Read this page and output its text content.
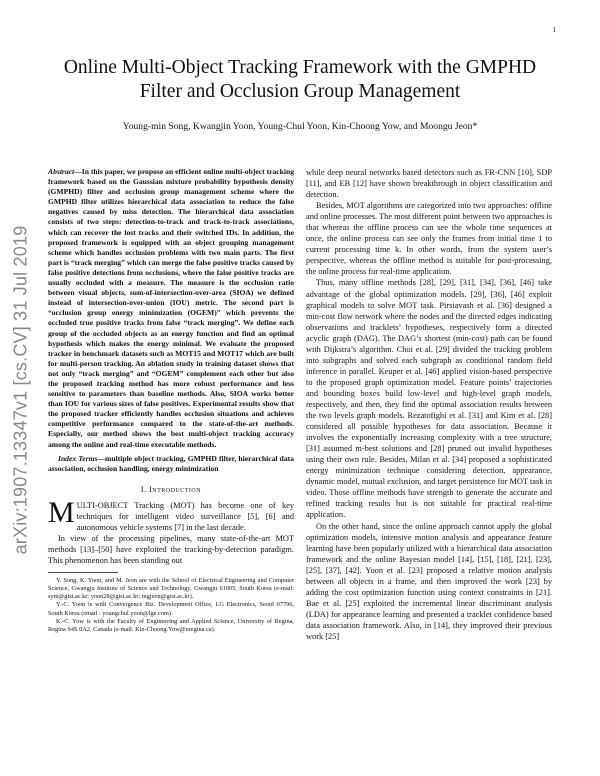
1
arXiv:1907.13347v1 [cs.CV] 31 Jul 2019
Online Multi-Object Tracking Framework with the GMPHD Filter and Occlusion Group Management
Young-min Song, Kwangjin Yoon, Young-Chul Yoon, Kin-Choong Yow, and Moongu Jeon*

Abstract—In this paper, we propose an efficient online multi-object tracking framework based on the Gaussian mixture probability hypothesis density (GMPHD) filter and occlusion group management scheme where the GMPHD filter utilizes hierarchical data association to reduce the false negatives caused by miss detection. The hierarchical data association consists of two steps: detection-to-track and track-to-track associations, which can recover the lost tracks and their switched IDs. In addition, the proposed framework is equipped with an object grouping management scheme which handles occlusion problems with two main parts. The first part is “track merging” which can merge the false positive tracks caused by false positive detections from occlusions, where the false positive tracks are usually occluded with a measure. The measure is the occlusion ratio between visual objects, sum-of-intersection-over-area (SIOA) we defined instead of intersection-over-union (IOU) metric. The second part is “occlusion group energy minimization (OGEM)” which prevents the occluded true positive tracks from false “track merging”. We define each group of the occluded objects as an energy function and find an optimal hypothesis which makes the energy minimal. We evaluate the proposed tracker in benchmark datasets such as MOT15 and MOT17 which are built for multi-person tracking. An ablation study in training dataset shows that not only “track merging” and “OGEM” complement each other but also the proposed tracking method has more robust performance and less sensitive to parameters than baseline methods. Also, SIOA works better than IOU for various sizes of false positives. Experimental results show that the proposed tracker efficiently handles occlusion situations and achieves competitive performance compared to the state-of-the-art methods. Especially, our method shows the best multi-object tracking accuracy among the online and real-time executable methods.

Index Terms—multiple object tracking, GMPHD filter, hierarchical data association, occlusion handling, energy minimization

I. Introduction

MULTI-OBJECT Tracking (MOT) has become one of key techniques for intelligent video surveillance [5], [6] and autonomous vehicle systems [7] in the last decade.

In view of the processing pipelines, many state-of-the-art MOT methods [13]–[50] have exploited the tracking-by-detection paradigm. This phenomenon has been standing out

Y. Song, K. Yoon, and M. Jeon are with the School of Electrical Engineering and Computer Science, Gwangju Institute of Science and Technology, Gwangju 61005, South Korea (e-mail: sym@gist.ac.kr; yoon28@gist.ac.kr; mgjeon@gist.ac.kr).

Y.-C. Yoon is with Convergence Biz. Development Office, LG Electronics, Seoul 07796, South Korea (email : youngchul.yoon@lge.com).

K.-C. Yow is with the Faculty of Engineering and Applied Science, University of Regina, Regina S4S 0A2, Canada (e-mail: Kin-Choong.Yow@uregina.ca).

while deep neural networks based detectors such as FR-CNN [10], SDP [11], and EB [12] have shown breakthrough in object classification and detection.

Besides, MOT algorithms are categorized into two approaches: offline and online processes. The most different point between two approaches is that whereas the offline process can see the whole time sequences at once, the online process can see only the frames from initial time 1 to current processing time k. In other words, from the system user’s perspective, whereas the offline method is suitable for post-processing, the online process for real-time application.

Thus, many offline methods [28], [29], [31], [34], [36], [46] take advantage of the global optimization models. [29], [36], [46] exploit graphical models to solve MOT task. Pirsiavash et al. [36] designed a min-cost flow network where the nodes and the directed edges indicating observations and tracklets’ hypotheses, respectively form a directed acyclic graph (DAG). The DAG’s shortest (min-cost) path can be found with Dijkstra’s algorithm. Choi et al. [29] divided the tracking problem into subgraphs and solved each subgraph as conditional random field inference in parallel. Keuper et al. [46] applied vision-based perspective to the proposed graph optimization model. Feature points’ trajectories and bounding boxes build low-level and high-level graph models, respectively, and then, they find the optimal association results between the two levels graph models. Rezatofighi et al. [31] and Kim et al. [28] considered all possible hypotheses for data association. Because it involves the exponentially increasing complexity with a tree structure, [31] assumed m-best solutions and [28] pruned out invalid hypotheses using their own rule. Besides, Milan et al. [34] proposed a sophisticated energy minimization technique considering detection, appearance, dynamic model, mutual exclusion, and target persistence for MOT task in video. Those offline methods have strength to generate the accurate and refined tracking results but is not suitable for practical real-time application.

On the other hand, since the online approach cannot apply the global optimization models, intensive motion analysis and appearance feature learning have been popularly utilized with a hierarchical data association framework and the online Bayesian model [14], [15], [18], [21], [23], [25], [37], [42]. Yoon et al. [23] proposed a relative motion analysis between all objects in a frame, and then improved the work [23] by adding the cost optimization function using context constraints in [21]. Bae et al. [25] exploited the incremental linear discriminant analysis (LDA) for appearance learning and presented a tracklet confidence based data association framework. Also, in [14], they improved their previous work [25]
